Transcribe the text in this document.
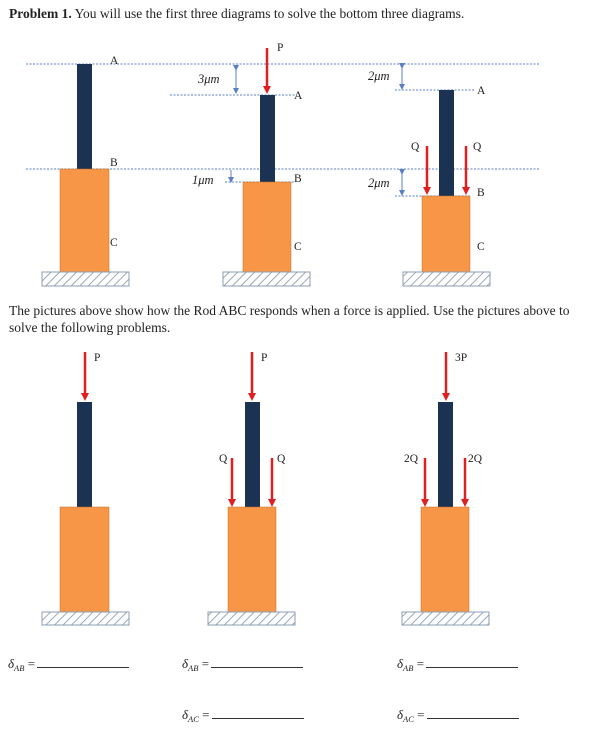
Problem 1. You will use the first three diagrams to solve the bottom three diagrams.
A
B
C
P
A
B
C
3μm
1μm
Q	Q
A
B
C
2μm
2μm
P	P
Q	Q
3P
2Q	2Q
The pictures above show how the Rod ABC responds when a force is applied. Use the pictures above to solve the following problems.
$\delta_{AB}$ =	$\delta_{AB}$ =	$\delta_{AB}$ =
$\delta_{AC}$ =	$\delta_{AC}$ =
